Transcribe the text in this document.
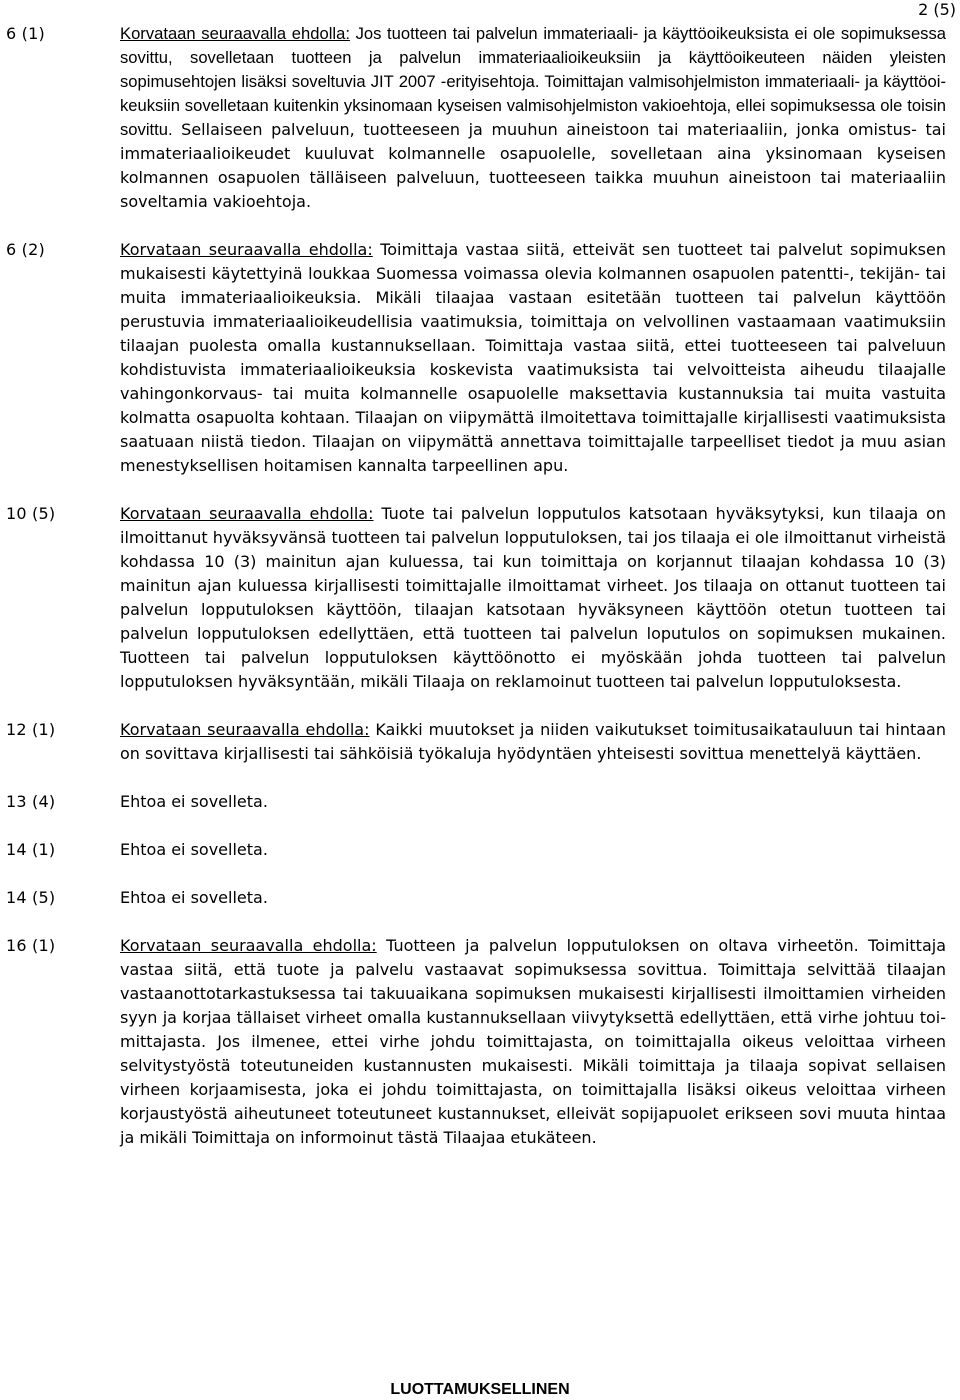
2 (5)
6 (1)	Korvataan seuraavalla ehdolla: Jos tuotteen tai palvelun immateriaali- ja käyttöoikeuksista ei ole sopimuksessa sovittu, sovelletaan tuotteen ja palvelun immateriaalioikeuksiin ja käyttöoikeuteen näiden yleisten sopimusehtojen lisäksi soveltuvia JIT 2007 -erityisehtoja. Toimittajan valmisohjelmiston immateriaali- ja käyttöoikeuksiin sovelletaan kuitenkin yksinomaan kyseisen valmisohjelmiston vakioehtoja, ellei sopimuksessa ole toisin sovittu. Sellaiseen palveluun, tuotteeseen ja muuhun aineistoon tai materiaaliin, jonka omistus- tai immateriaalioikeudet kuuluvat kolmannelle osapuolelle, sovelletaan aina yksinomaan kyseisen kolmannen osapuolen tälläiseen palveluun, tuotteeseen taikka muuhun aineistoon tai materiaaliin soveltamia vakioehtoja.
6 (2)	Korvataan seuraavalla ehdolla: Toimittaja vastaa siitä, etteivät sen tuotteet tai palvelut sopimuksen mukaisesti käytettyinä loukkaa Suomessa voimassa olevia kolmannen osapuolen patentti-, tekijän- tai muita immateriaalioikeuksia. Mikäli tilaajaa vastaan esitetään tuotteen tai palvelun käyttöön perustuvia immateriaalioikeudellisia vaatimuksia, toimittaja on velvollinen vastaamaan vaatimuksiin tilaajan puolesta omalla kustannuksellaan. Toimittaja vastaa siitä, ettei tuotteeseen tai palveluun kohdistuvista immateriaalioikeuksia koskevista vaatimuksista tai velvoitteista aiheudu tilaajalle vahingonkorvaus- tai muita kolmannelle osapuolelle maksettavia kustannuksia tai muita vastuita kolmatta osapuolta kohtaan. Tilaajan on viipymättä ilmoitettava toimittajalle kirjallisesti vaatimuksista saatuaan niistä tiedon. Tilaajan on viipymättä annettava toimittajalle tarpeelliset tiedot ja muu asian menestyksellisen hoitamisen kannalta tarpeellinen apu.
10 (5)	Korvataan seuraavalla ehdolla: Tuote tai palvelun lopputulos katsotaan hyväksytyksi, kun tilaaja on ilmoittanut hyväksyvänsä tuotteen tai palvelun lopputuloksen, tai jos tilaaja ei ole ilmoittanut virheistä kohdassa 10 (3) mainitun ajan kuluessa, tai kun toimittaja on korjannut tilaajan kohdassa 10 (3) mainitun ajan kuluessa kirjallisesti toimittajalle ilmoittamat virheet. Jos tilaaja on ottanut tuotteen tai palvelun lopputuloksen käyttöön, tilaajan katsotaan hyväksyneen käyttöön otetun tuotteen tai palvelun lopputuloksen edellyttäen, että tuotteen tai palvelun loputulos on sopimuksen mukainen. Tuotteen tai palvelun lopputuloksen käyttöönotto ei myöskään johda tuotteen tai palvelun lopputuloksen hyväksyntään, mikäli Tilaaja on reklamoinut tuotteen tai palvelun lopputuloksesta.
12 (1)	Korvataan seuraavalla ehdolla: Kaikki muutokset ja niiden vaikutukset toimitusaikatauluun tai hintaan on sovittava kirjallisesti tai sähköisiä työkaluja hyödyntäen yhteisesti sovittua menettelyä käyttäen.
13 (4)	Ehtoa ei sovelleta.
14 (1)	Ehtoa ei sovelleta.
14 (5)	Ehtoa ei sovelleta.
16 (1)	Korvataan seuraavalla ehdolla: Tuotteen ja palvelun lopputuloksen on oltava virheetön. Toimittaja vastaa siitä, että tuote ja palvelu vastaavat sopimuksessa sovittua. Toimittaja selvittää tilaajan vastaanottotarkastuksessa tai takuuaikana sopimuksen mukaisesti kirjallisesti ilmoittamien virheiden syyn ja korjaa tällaiset virheet omalla kustannuksellaan viivytyksettä edellyttäen, että virhe johtuu toimittajasta. Jos ilmenee, ettei virhe johdu toimittajasta, on toimittajalla oikeus veloittaa virheen selvitystyöstä toteutuneiden kustannusten mukaisesti. Mikäli toimittaja ja tilaaja sopivat sellaisen virheen korjaamisesta, joka ei johdu toimittajasta, on toimittajalla lisäksi oikeus veloittaa virheen korjaustyöstä aiheutuneet toteutuneet kustannukset, elleivät sopijapuolet erikseen sovi muuta hintaa ja mikäli Toimittaja on informoinut tästä Tilaajaa etukäteen.
LUOTTAMUKSELLINEN
